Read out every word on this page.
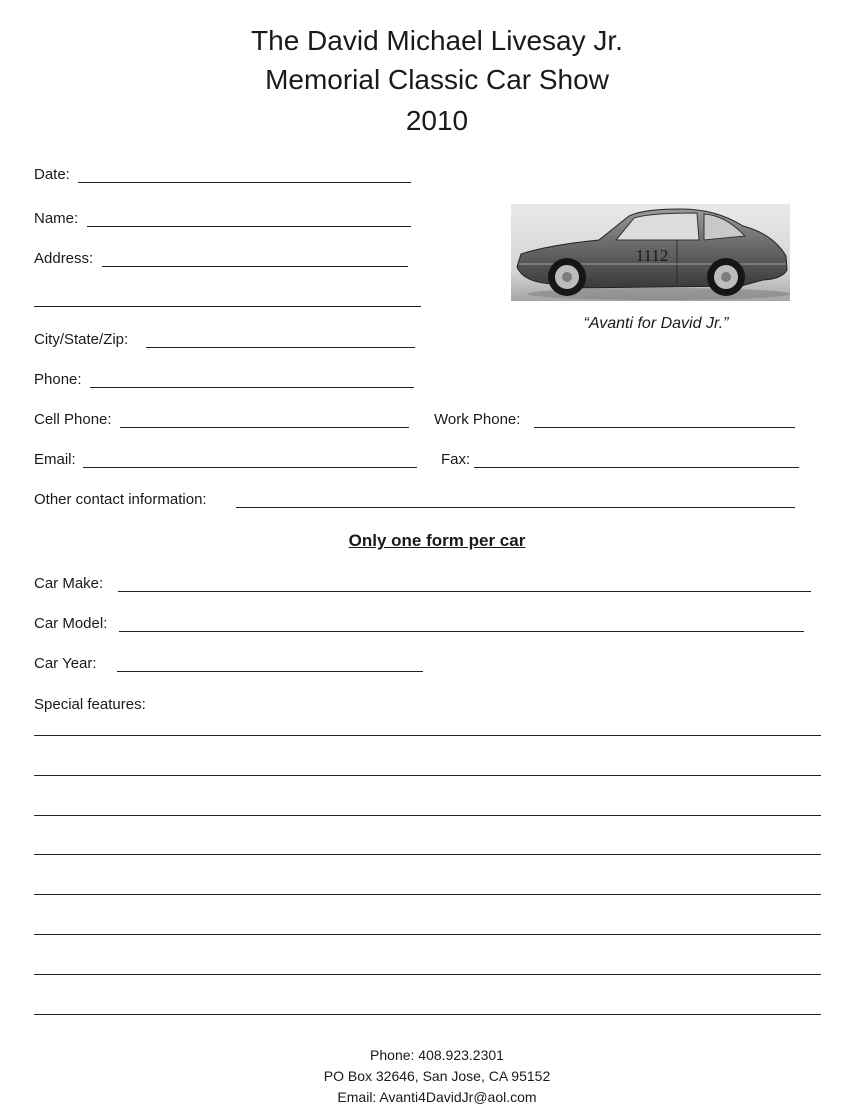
The David Michael Livesay Jr.
Memorial Classic Car Show
2010
Date:
Name:
Address:
City/State/Zip:
Phone:
Cell Phone:	Work Phone:
Email:	Fax:
Other contact information:
Only one form per car
Car Make:
Car Model:
Car Year:
Special features:
1112
“Avanti for David Jr.”
Phone: 408.923.2301
PO Box 32646, San Jose, CA 95152
Email: Avanti4DavidJr@aol.com
